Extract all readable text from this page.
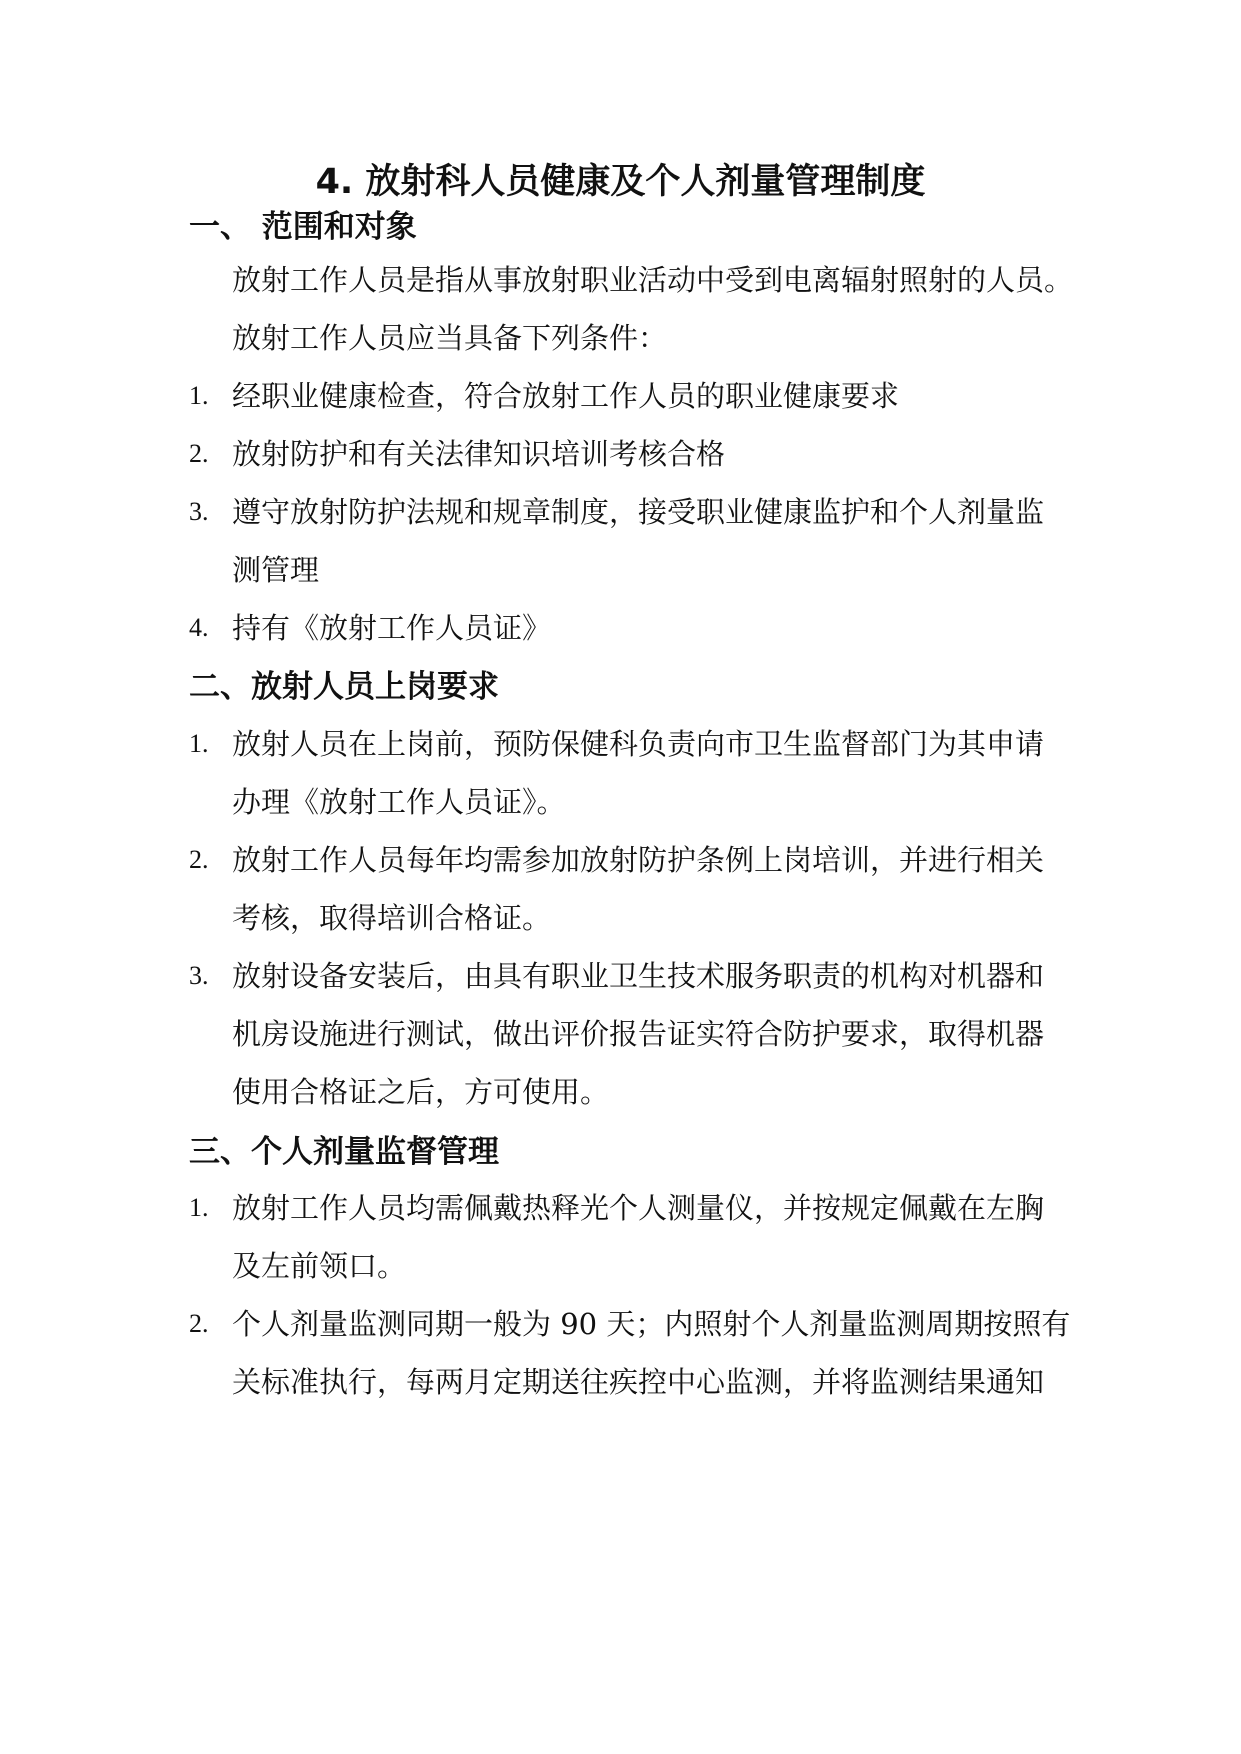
4. 放射科人员健康及个人剂量管理制度
一、 范围和对象

放射工作人员是指从事放射职业活动中受到电离辐射照射的人员。

放射工作人员应当具备下列条件：

1. 经职业健康检查，符合放射工作人员的职业健康要求

2. 放射防护和有关法律知识培训考核合格

3. 遵守放射防护法规和规章制度，接受职业健康监护和个人剂量监

测管理

4. 持有《放射工作人员证》

二、放射人员上岗要求
1. 放射人员在上岗前，预防保健科负责向市卫生监督部门为其申请

办理《放射工作人员证》。

2. 放射工作人员每年均需参加放射防护条例上岗培训，并进行相关

考核，取得培训合格证。

3. 放射设备安装后，由具有职业卫生技术服务职责的机构对机器和

机房设施进行测试，做出评价报告证实符合防护要求，取得机器

使用合格证之后，方可使用。

三、个人剂量监督管理
1. 放射工作人员均需佩戴热释光个人测量仪，并按规定佩戴在左胸

及左前领口。

2. 个人剂量监测同期一般为 90 天；内照射个人剂量监测周期按照有

关标准执行，每两月定期送往疾控中心监测，并将监测结果通知
